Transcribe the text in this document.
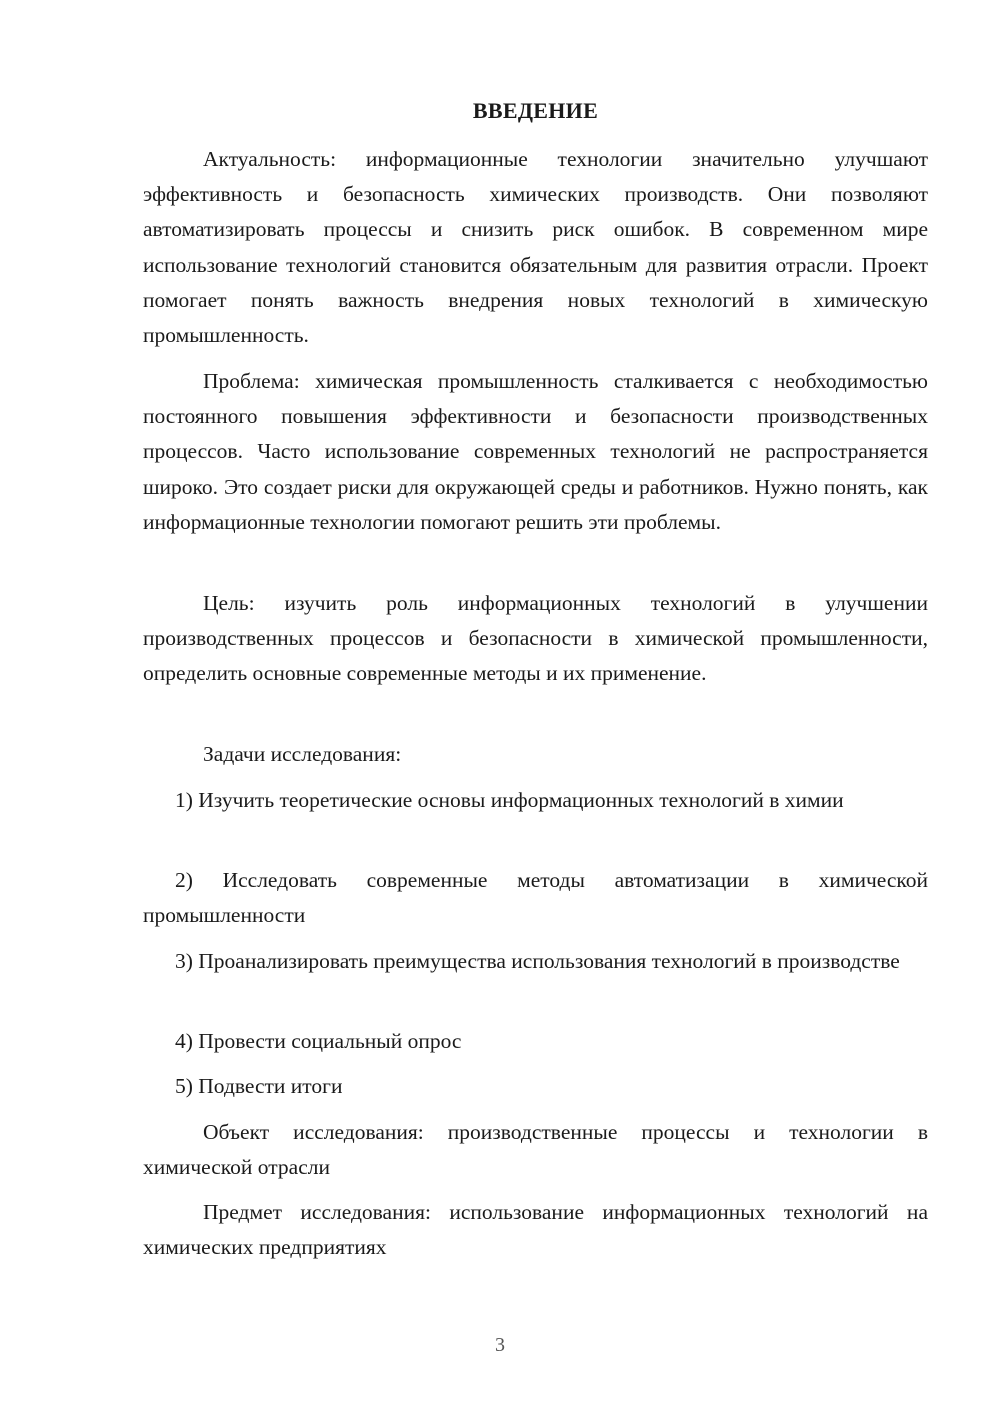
ВВЕДЕНИЕ

Актуальность: информационные технологии значительно улучшают эффективность и безопасность химических производств. Они позволяют автоматизировать процессы и снизить риск ошибок. В современном мире использование технологий становится обязательным для развития отрасли. Проект помогает понять важность внедрения новых технологий в химическую промышленность.

Проблема: химическая промышленность сталкивается с необходимостью постоянного повышения эффективности и безопасности производственных процессов. Часто использование современных технологий не распространяется широко. Это создает риски для окружающей среды и работников. Нужно понять, как информационные технологии помогают решить эти проблемы.

Цель: изучить роль информационных технологий в улучшении производственных процессов и безопасности в химической промышленности, определить основные современные методы и их применение.

Задачи исследования:

1) Изучить теоретические основы информационных технологий в химии

2) Исследовать современные методы автоматизации в химической промышленности

3) Проанализировать преимущества использования технологий в производстве

4) Провести социальный опрос

5) Подвести итоги

Объект исследования: производственные процессы и технологии в химической отрасли

Предмет исследования: использование информационных технологий на химических предприятиях

3
